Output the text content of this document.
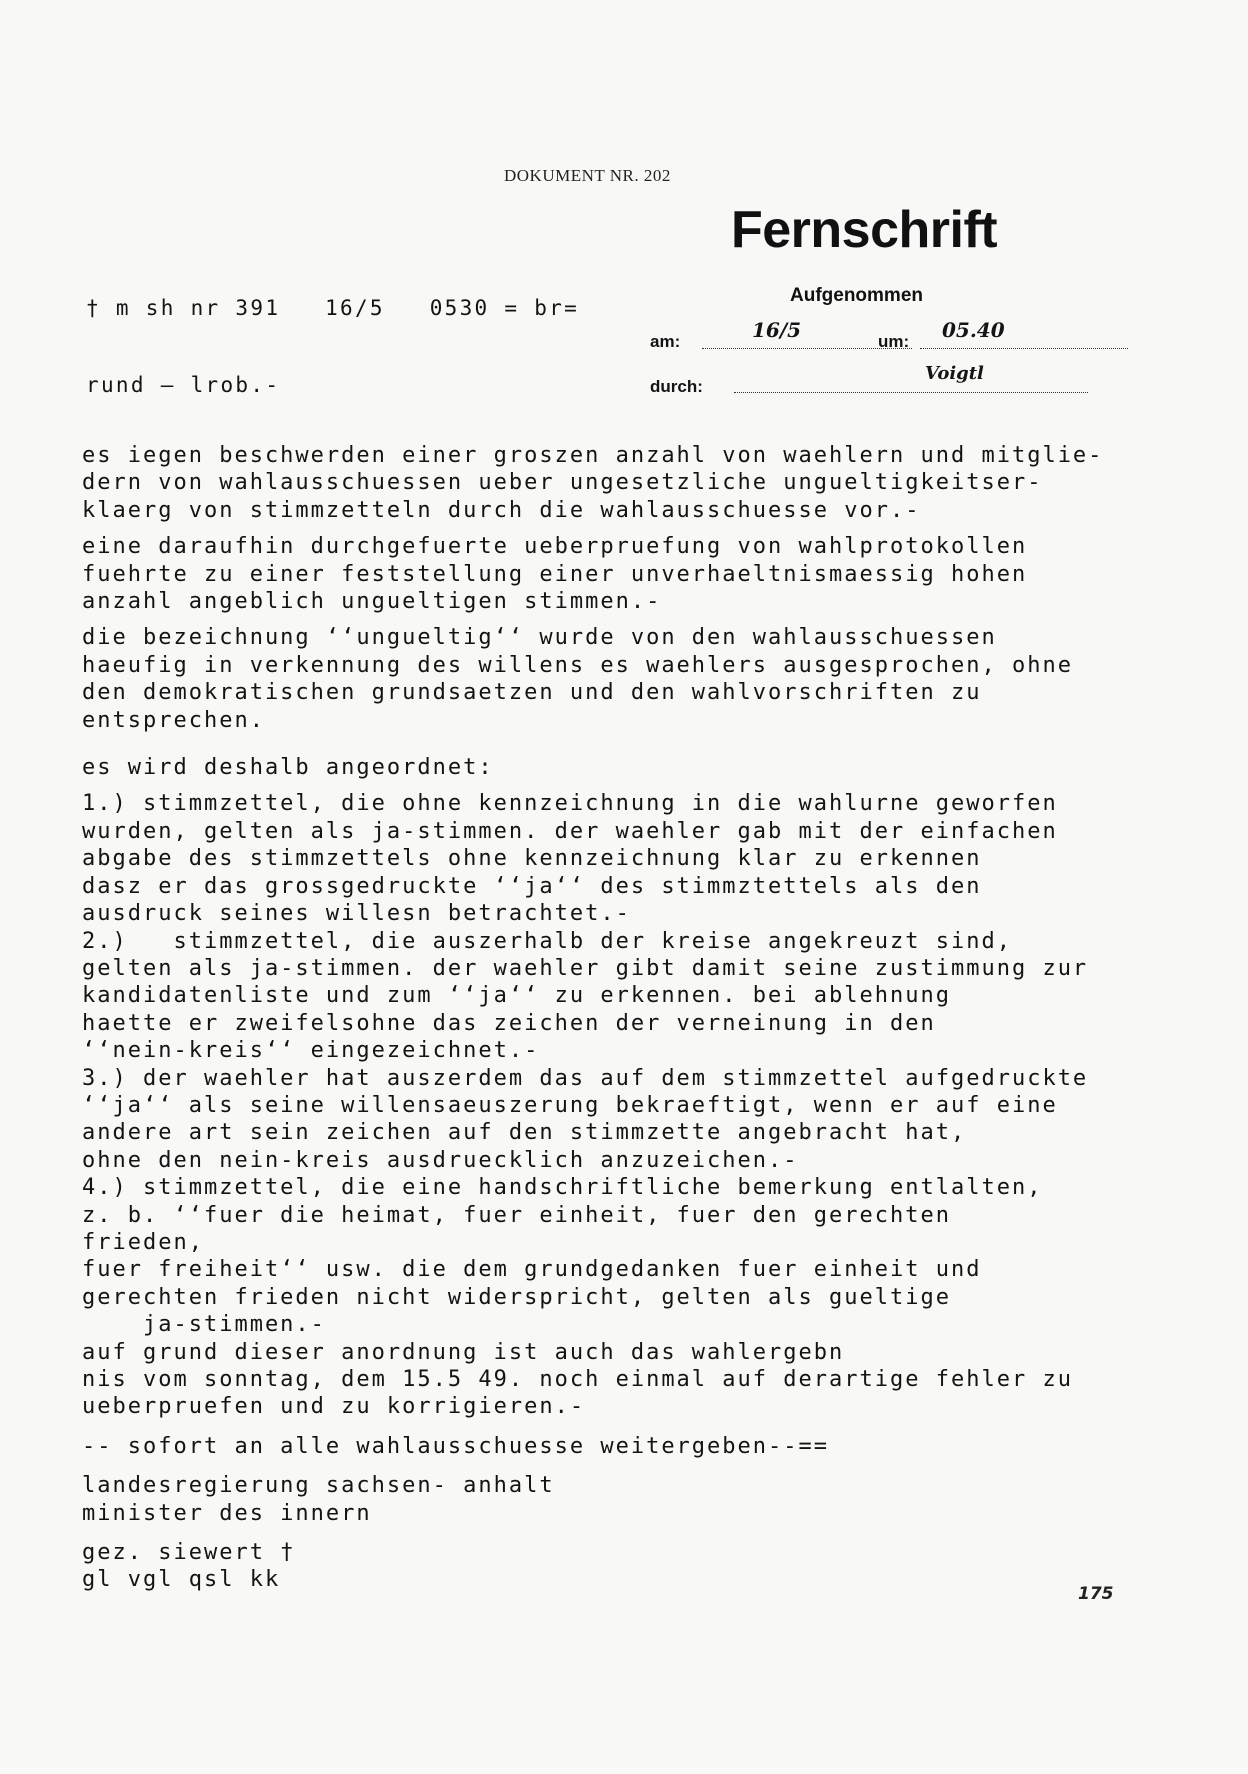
DOKUMENT NR. 202
Fernschrift
Aufgenommen
am:	16/5	um: 05.40
durch:
Voigtl
† m sh nr 391   16/5   0530 = br=
rund — lrob.-

es iegen beschwerden einer groszen anzahl von waehlern und mitglie-

dern von wahlausschuessen ueber ungesetzliche ungueltigkeitser-

klaerg von stimmzetteln durch die wahlausschuesse vor.-

eine daraufhin durchgefuerte ueberpruefung von wahlprotokollen

fuehrte zu einer feststellung einer unverhaeltnismaessig hohen

anzahl angeblich ungueltigen stimmen.-

die bezeichnung ‘‘ungueltig‘‘ wurde von den wahlausschuessen

haeufig in verkennung des willens es waehlers ausgesprochen, ohne

den demokratischen grundsaetzen und den wahlvorschriften zu

entsprechen.

es wird deshalb angeordnet:

1.) stimmzettel, die ohne kennzeichnung in die wahlurne geworfen

wurden, gelten als ja-stimmen. der waehler gab mit der einfachen

abgabe des stimmzettels ohne kennzeichnung klar zu erkennen

dasz er das grossgedruckte ‘‘ja‘‘ des stimmztettels als den

ausdruck seines willesn betrachtet.-

2.)   stimmzettel, die auszerhalb der kreise angekreuzt sind,

gelten als ja-stimmen. der waehler gibt damit seine zustimmung zur

kandidatenliste und zum ‘‘ja‘‘ zu erkennen. bei ablehnung

haette er zweifelsohne das zeichen der verneinung in den

‘‘nein-kreis‘‘ eingezeichnet.-

3.) der waehler hat auszerdem das auf dem stimmzettel aufgedruckte

‘‘ja‘‘ als seine willensaeuszerung bekraeftigt, wenn er auf eine

andere art sein zeichen auf den stimmzette angebracht hat,

ohne den nein-kreis ausdruecklich anzuzeichen.-

4.) stimmzettel, die eine handschriftliche bemerkung entlalten,

z. b. ‘‘fuer die heimat, fuer einheit, fuer den gerechten

frieden,

fuer freiheit‘‘ usw. die dem grundgedanken fuer einheit und

gerechten frieden nicht widerspricht, gelten als gueltige

ja-stimmen.-

auf grund dieser anordnung ist auch das wahlergebn

nis vom sonntag, dem 15.5 49. noch einmal auf derartige fehler zu

ueberpruefen und zu korrigieren.-

-- sofort an alle wahlausschuesse weitergeben--==

landesregierung sachsen- anhalt

minister des innern

gez. siewert †

gl vgl qsl kk

175
